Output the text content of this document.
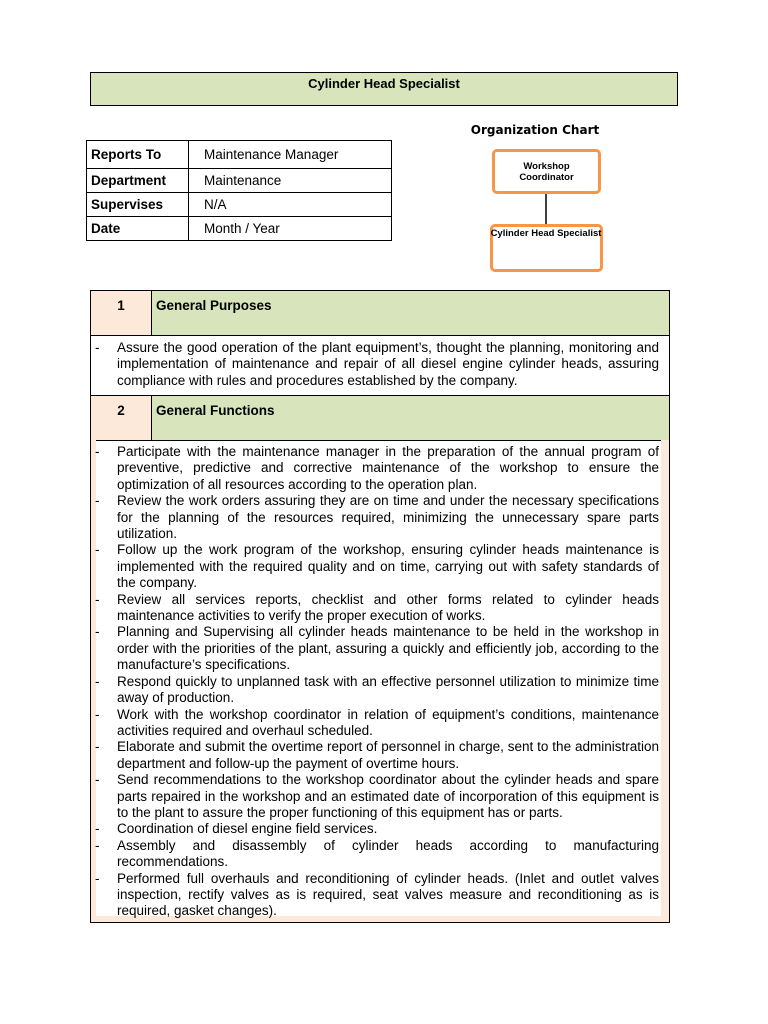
Cylinder Head Specialist
Reports To	Maintenance Manager
Department	Maintenance
Supervises	N/A
Date	Month / Year
Organization Chart
Workshop Coordinator
Cylinder Head Specialist
1	General Purposes
- Assure the good operation of the plant equipment’s, thought the planning, monitoring and implementation of maintenance and repair of all diesel engine cylinder heads, assuring compliance with rules and procedures established by the company.
2	General Functions
- Participate with the maintenance manager in the preparation of the annual program of preventive, predictive and corrective maintenance of the workshop to ensure the optimization of all resources according to the operation plan.
- Review the work orders assuring they are on time and under the necessary specifications for the planning of the resources required, minimizing the unnecessary spare parts utilization.
- Follow up the work program of the workshop, ensuring cylinder heads maintenance is implemented with the required quality and on time, carrying out with safety standards of the company.
- Review all services reports, checklist and other forms related to cylinder heads maintenance activities to verify the proper execution of works.
- Planning and Supervising all cylinder heads maintenance to be held in the workshop in order with the priorities of the plant, assuring a quickly and efficiently job, according to the manufacture’s specifications.
- Respond quickly to unplanned task with an effective personnel utilization to minimize time away of production.
- Work with the workshop coordinator in relation of equipment’s conditions, maintenance activities required and overhaul scheduled.
- Elaborate and submit the overtime report of personnel in charge, sent to the administration department and follow-up the payment of overtime hours.
- Send recommendations to the workshop coordinator about the cylinder heads and spare parts repaired in the workshop and an estimated date of incorporation of this equipment is to the plant to assure the proper functioning of this equipment has or parts.
- Coordination of diesel engine field services.
- Assembly and disassembly of cylinder heads according to manufacturing recommendations.
- Performed full overhauls and reconditioning of cylinder heads. (Inlet and outlet valves inspection, rectify valves as is required, seat valves measure and reconditioning as is required, gasket changes).
